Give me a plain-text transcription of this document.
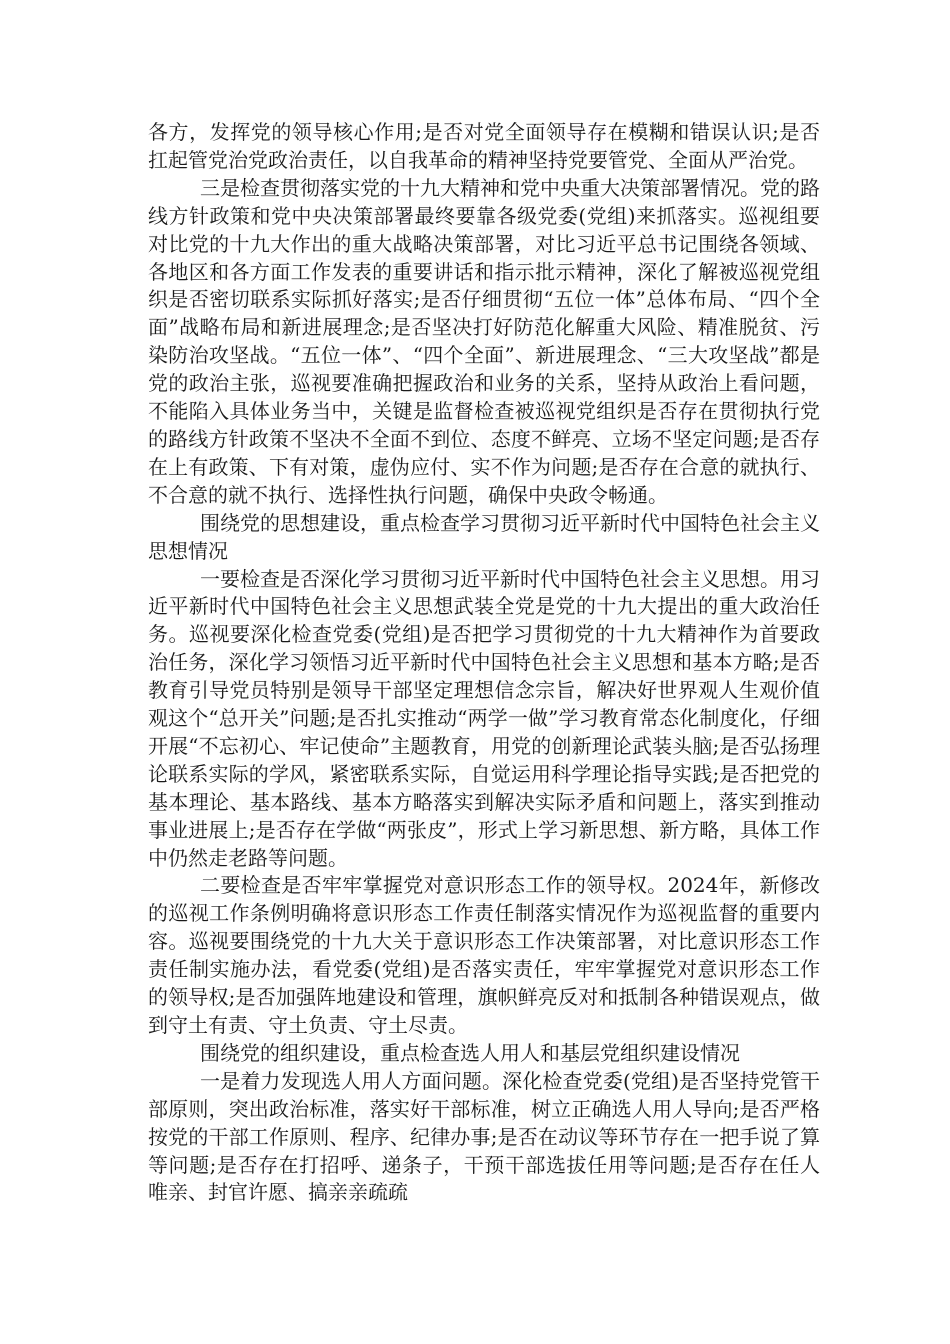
各方，发挥党的领导核心作用;是否对党全面领导存在模糊和错误认识;是否扛起管党治党政治责任，以自我革命的精神坚持党要管党、全面从严治党。

三是检查贯彻落实党的十九大精神和党中央重大决策部署情况。党的路线方针政策和党中央决策部署最终要靠各级党委(党组)来抓落实。巡视组要对比党的十九大作出的重大战略决策部署，对比习近平总书记围绕各领域、各地区和各方面工作发表的重要讲话和指示批示精神，深化了解被巡视党组织是否密切联系实际抓好落实;是否仔细贯彻“五位一体”总体布局、“四个全面”战略布局和新进展理念;是否坚决打好防范化解重大风险、精准脱贫、污染防治攻坚战。“五位一体”、“四个全面”、新进展理念、“三大攻坚战”都是党的政治主张，巡视要准确把握政治和业务的关系，坚持从政治上看问题，不能陷入具体业务当中，关键是监督检查被巡视党组织是否存在贯彻执行党的路线方针政策不坚决不全面不到位、态度不鲜亮、立场不坚定问题;是否存在上有政策、下有对策，虚伪应付、实不作为问题;是否存在合意的就执行、不合意的就不执行、选择性执行问题，确保中央政令畅通。

围绕党的思想建设，重点检查学习贯彻习近平新时代中国特色社会主义思想情况

一要检查是否深化学习贯彻习近平新时代中国特色社会主义思想。用习近平新时代中国特色社会主义思想武装全党是党的十九大提出的重大政治任务。巡视要深化检查党委(党组)是否把学习贯彻党的十九大精神作为首要政治任务，深化学习领悟习近平新时代中国特色社会主义思想和基本方略;是否教育引导党员特别是领导干部坚定理想信念宗旨，解决好世界观人生观价值观这个“总开关”问题;是否扎实推动“两学一做”学习教育常态化制度化，仔细开展“不忘初心、牢记使命”主题教育，用党的创新理论武装头脑;是否弘扬理论联系实际的学风，紧密联系实际，自觉运用科学理论指导实践;是否把党的基本理论、基本路线、基本方略落实到解决实际矛盾和问题上，落实到推动事业进展上;是否存在学做“两张皮”，形式上学习新思想、新方略，具体工作中仍然走老路等问题。

二要检查是否牢牢掌握党对意识形态工作的领导权。2024年，新修改的巡视工作条例明确将意识形态工作责任制落实情况作为巡视监督的重要内容。巡视要围绕党的十九大关于意识形态工作决策部署，对比意识形态工作责任制实施办法，看党委(党组)是否落实责任，牢牢掌握党对意识形态工作的领导权;是否加强阵地建设和管理，旗帜鲜亮反对和抵制各种错误观点，做到守土有责、守土负责、守土尽责。

围绕党的组织建设，重点检查选人用人和基层党组织建设情况

一是着力发现选人用人方面问题。深化检查党委(党组)是否坚持党管干部原则，突出政治标准，落实好干部标准，树立正确选人用人导向;是否严格按党的干部工作原则、程序、纪律办事;是否在动议等环节存在一把手说了算等问题;是否存在打招呼、递条子，干预干部选拔任用等问题;是否存在任人唯亲、封官许愿、搞亲亲疏疏
